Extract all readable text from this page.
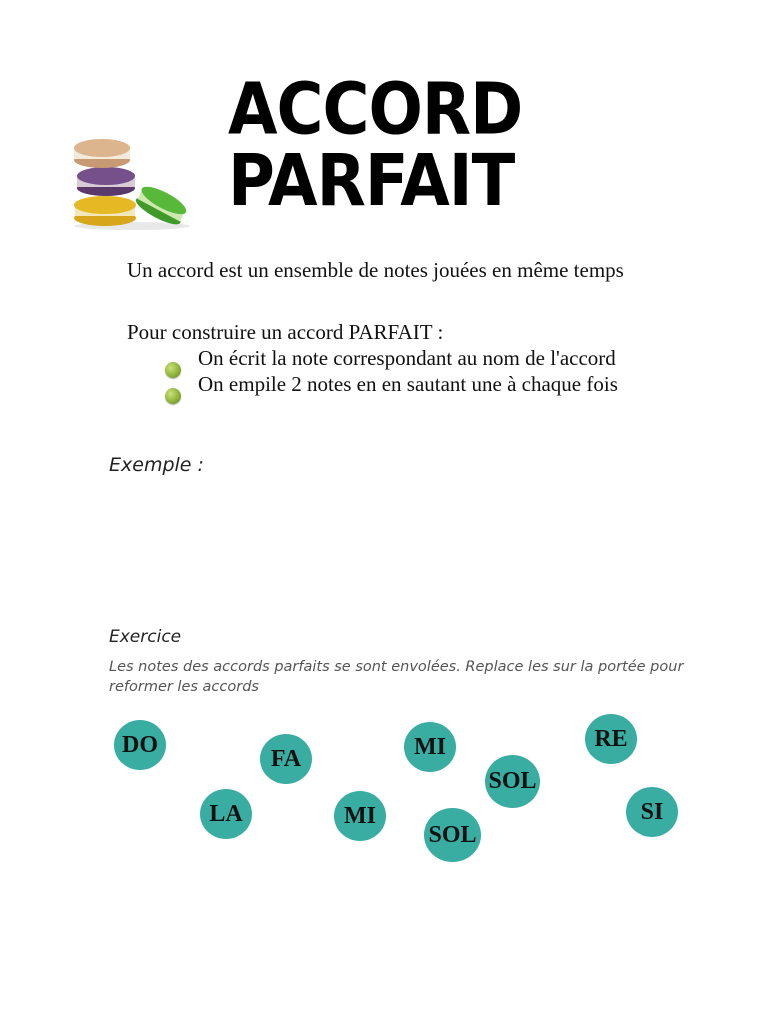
ACCORD PARFAIT
Un accord est un ensemble de notes jouées en même temps
Pour construire un accord PARFAIT :
On écrit la note correspondant au nom de l'accord
On empile 2 notes en en sautant une à chaque fois
Exemple :
Exercice
Les notes des accords parfaits se sont envolées. Replace les sur la portée pour reformer les accords
DO
FA	MI
SOL
RE
LA	MI
SOL
SI
